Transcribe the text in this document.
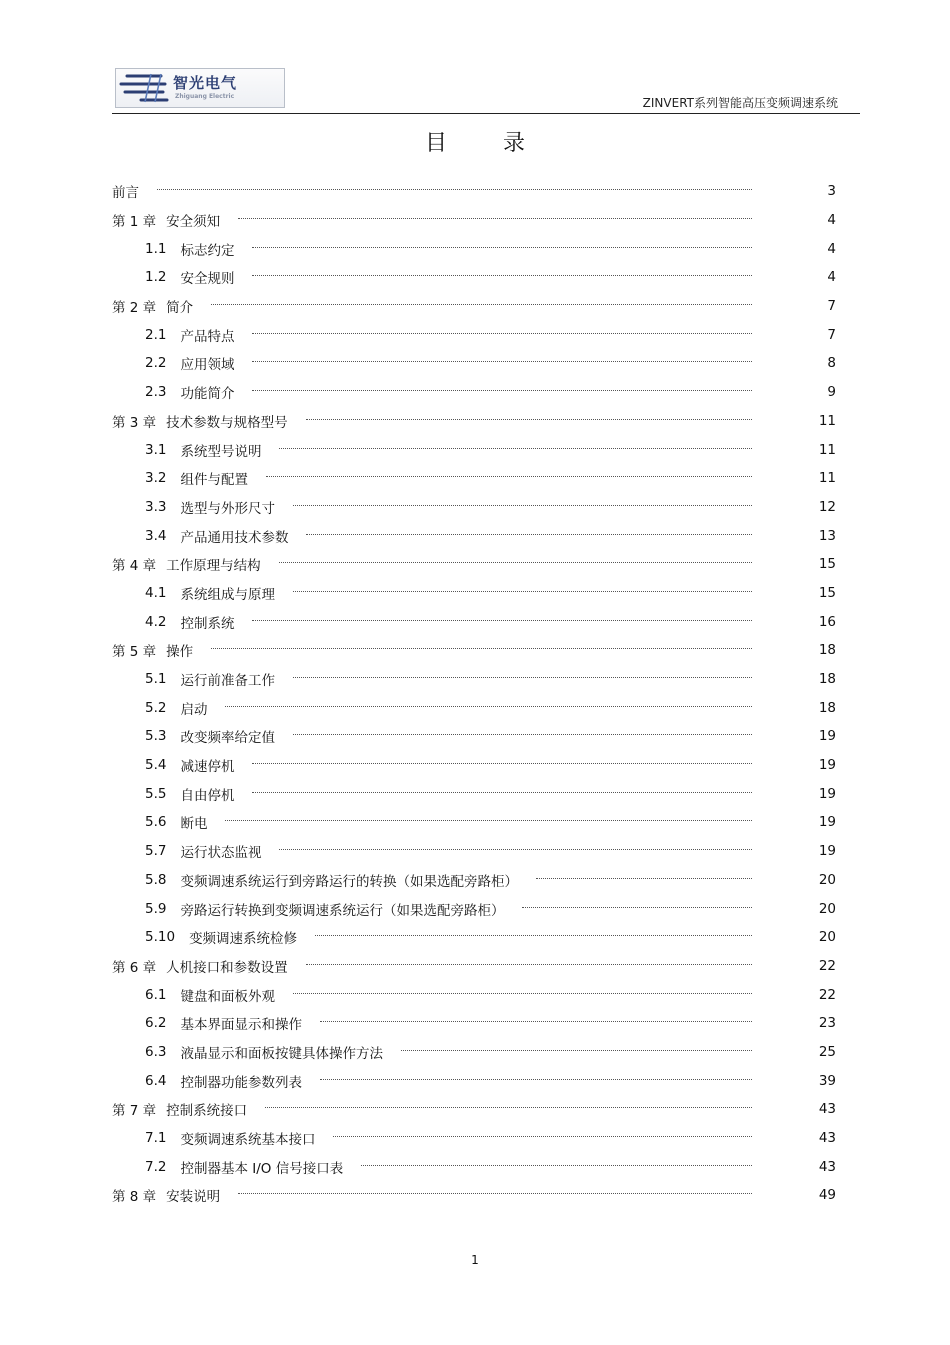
智光电气
Zhiguang Electric	ZINVERT系列智能高压变频调速系统
目录
前言	3
第 1 章 安全须知	4
1.1 标志约定	4
1.2 安全规则	4
第 2 章 简介	7
2.1 产品特点	7
2.2 应用领域	8
2.3 功能简介	9
第 3 章 技术参数与规格型号	11
3.1 系统型号说明	11
3.2 组件与配置	11
3.3 选型与外形尺寸	12
3.4 产品通用技术参数	13
第 4 章 工作原理与结构	15
4.1 系统组成与原理	15
4.2 控制系统	16
第 5 章 操作	18
5.1 运行前准备工作	18
5.2 启动	18
5.3 改变频率给定值	19
5.4 减速停机	19
5.5 自由停机	19
5.6 断电	19
5.7 运行状态监视	19
5.8 变频调速系统运行到旁路运行的转换（如果选配旁路柜）	20
5.9 旁路运行转换到变频调速系统运行（如果选配旁路柜）	20
5.10 变频调速系统检修	20
第 6 章 人机接口和参数设置	22
6.1 键盘和面板外观	22
6.2 基本界面显示和操作	23
6.3 液晶显示和面板按键具体操作方法	25
6.4 控制器功能参数列表	39
第 7 章 控制系统接口	43
7.1 变频调速系统基本接口	43
7.2 控制器基本 I/O 信号接口表	43
第 8 章 安装说明	49
1
